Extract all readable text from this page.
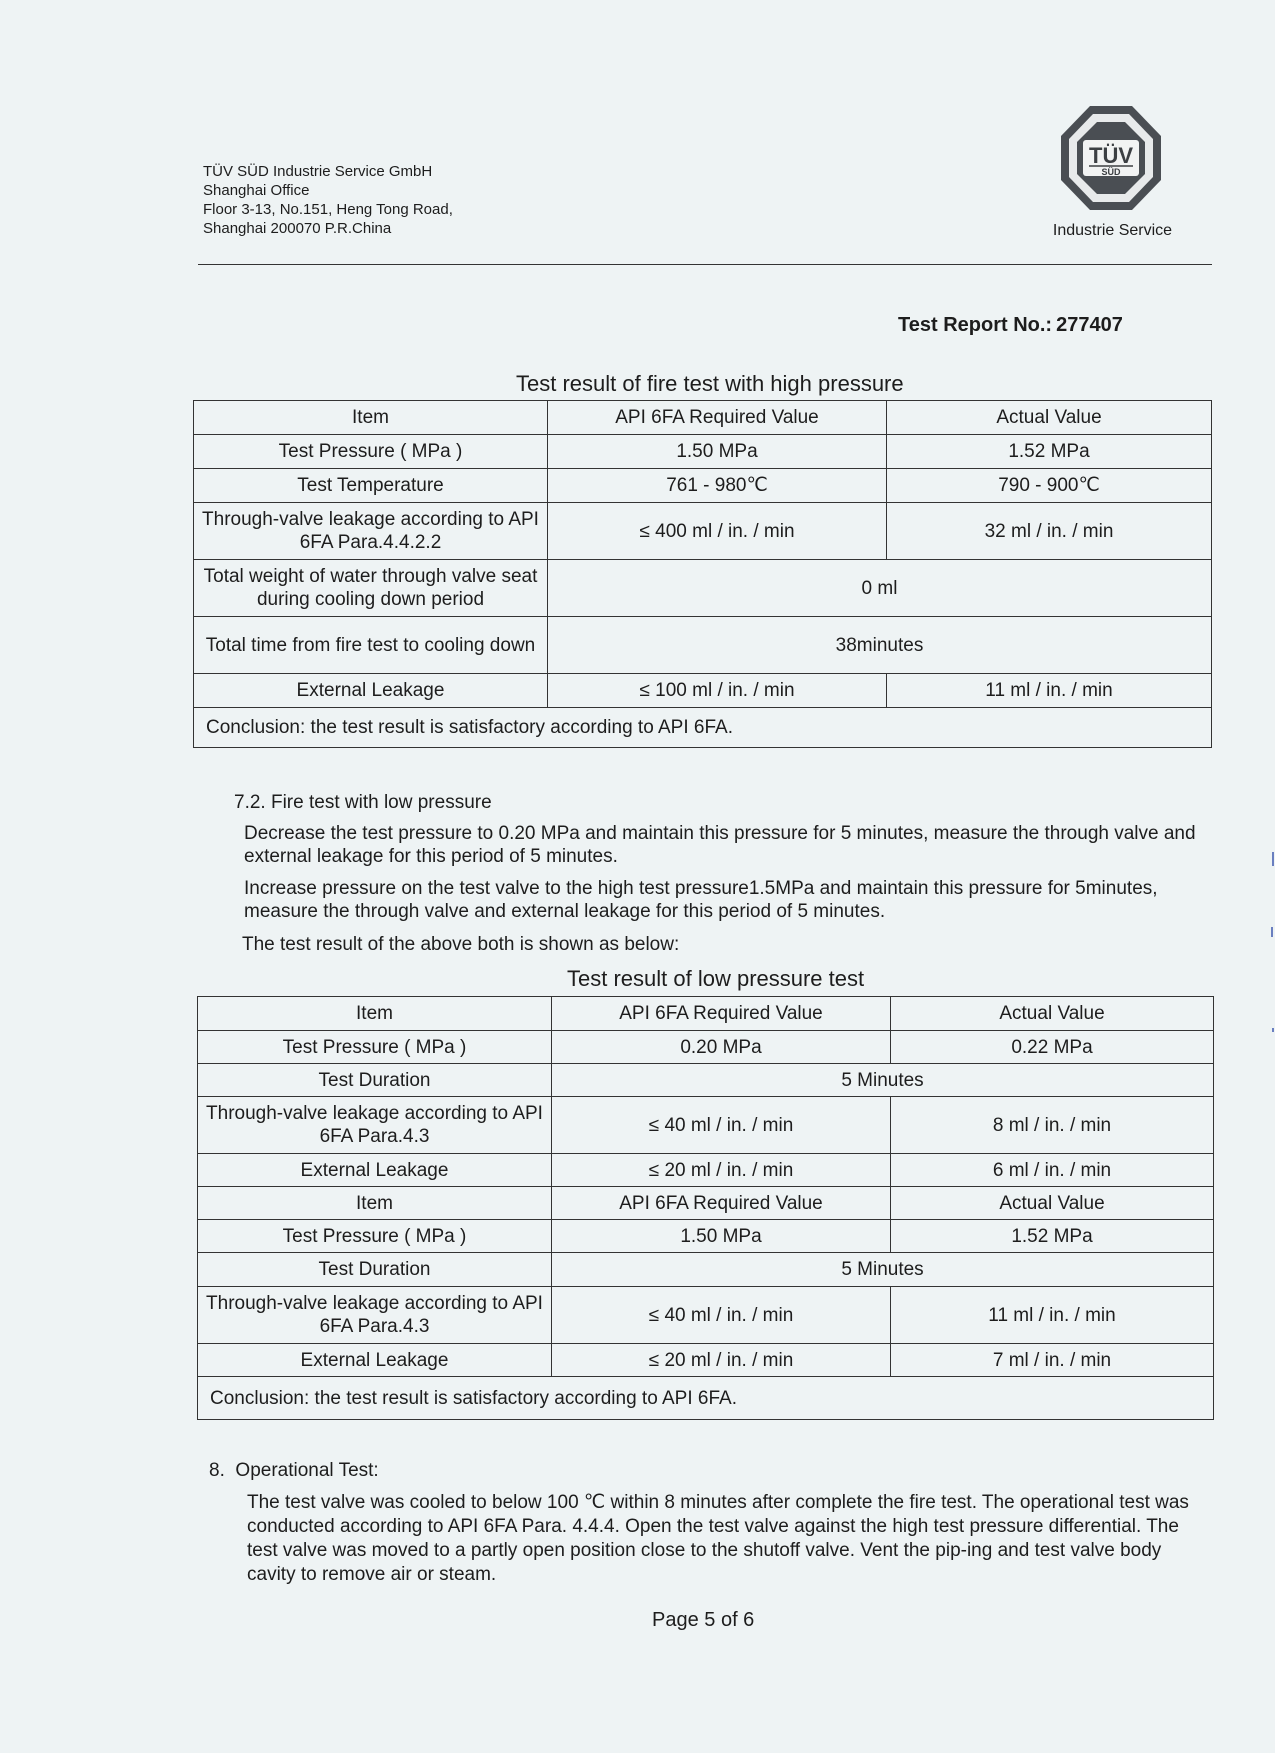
TÜV SÜD Industrie Service GmbH
Shanghai Office
Floor 3-13, No.151, Heng Tong Road,
Shanghai 200070 P.R.China
TÜV
SÜD
Industrie Service
Test Report No.: 277407
Test result of fire test with high pressure
Item	API 6FA Required Value	Actual Value
Test Pressure ( MPa )	1.50 MPa	1.52 MPa
Test Temperature	761 - 980℃	790 - 900℃
Through-valve leakage according to API 6FA Para.4.4.2.2	≤ 400 ml / in. / min	32 ml / in. / min
Total weight of water through valve seat during cooling down period	0 ml	
Total time from fire test to cooling down	38minutes	
External Leakage	≤ 100 ml / in. / min	11 ml / in. / min
Conclusion: the test result is satisfactory according to API 6FA.		
7.2. Fire test with low pressure
Decrease the test pressure to 0.20 MPa and maintain this pressure for 5 minutes, measure the through valve and external leakage for this period of 5 minutes.
Increase pressure on the test valve to the high test pressure1.5MPa and maintain this pressure for 5minutes, measure the through valve and external leakage for this period of 5 minutes.
The test result of the above both is shown as below:
Test result of low pressure test
Item	API 6FA Required Value	Actual Value
Test Pressure ( MPa )	0.20 MPa	0.22 MPa
Test Duration	5 Minutes	
Through-valve leakage according to API 6FA Para.4.3	≤ 40 ml / in. / min	8 ml / in. / min
External Leakage	≤ 20 ml / in. / min	6 ml / in. / min
Item	API 6FA Required Value	Actual Value
Test Pressure ( MPa )	1.50 MPa	1.52 MPa
Test Duration	5 Minutes	
Through-valve leakage according to API 6FA Para.4.3	≤ 40 ml / in. / min	11 ml / in. / min
External Leakage	≤ 20 ml / in. / min	7 ml / in. / min
Conclusion: the test result is satisfactory according to API 6FA.		
8. Operational Test:
The test valve was cooled to below 100 ℃ within 8 minutes after complete the fire test. The operational test was conducted according to API 6FA Para. 4.4.4. Open the test valve against the high test pressure differential. The test valve was moved to a partly open position close to the shutoff valve. Vent the pip-ing and test valve body cavity to remove air or steam.
Page 5 of 6
